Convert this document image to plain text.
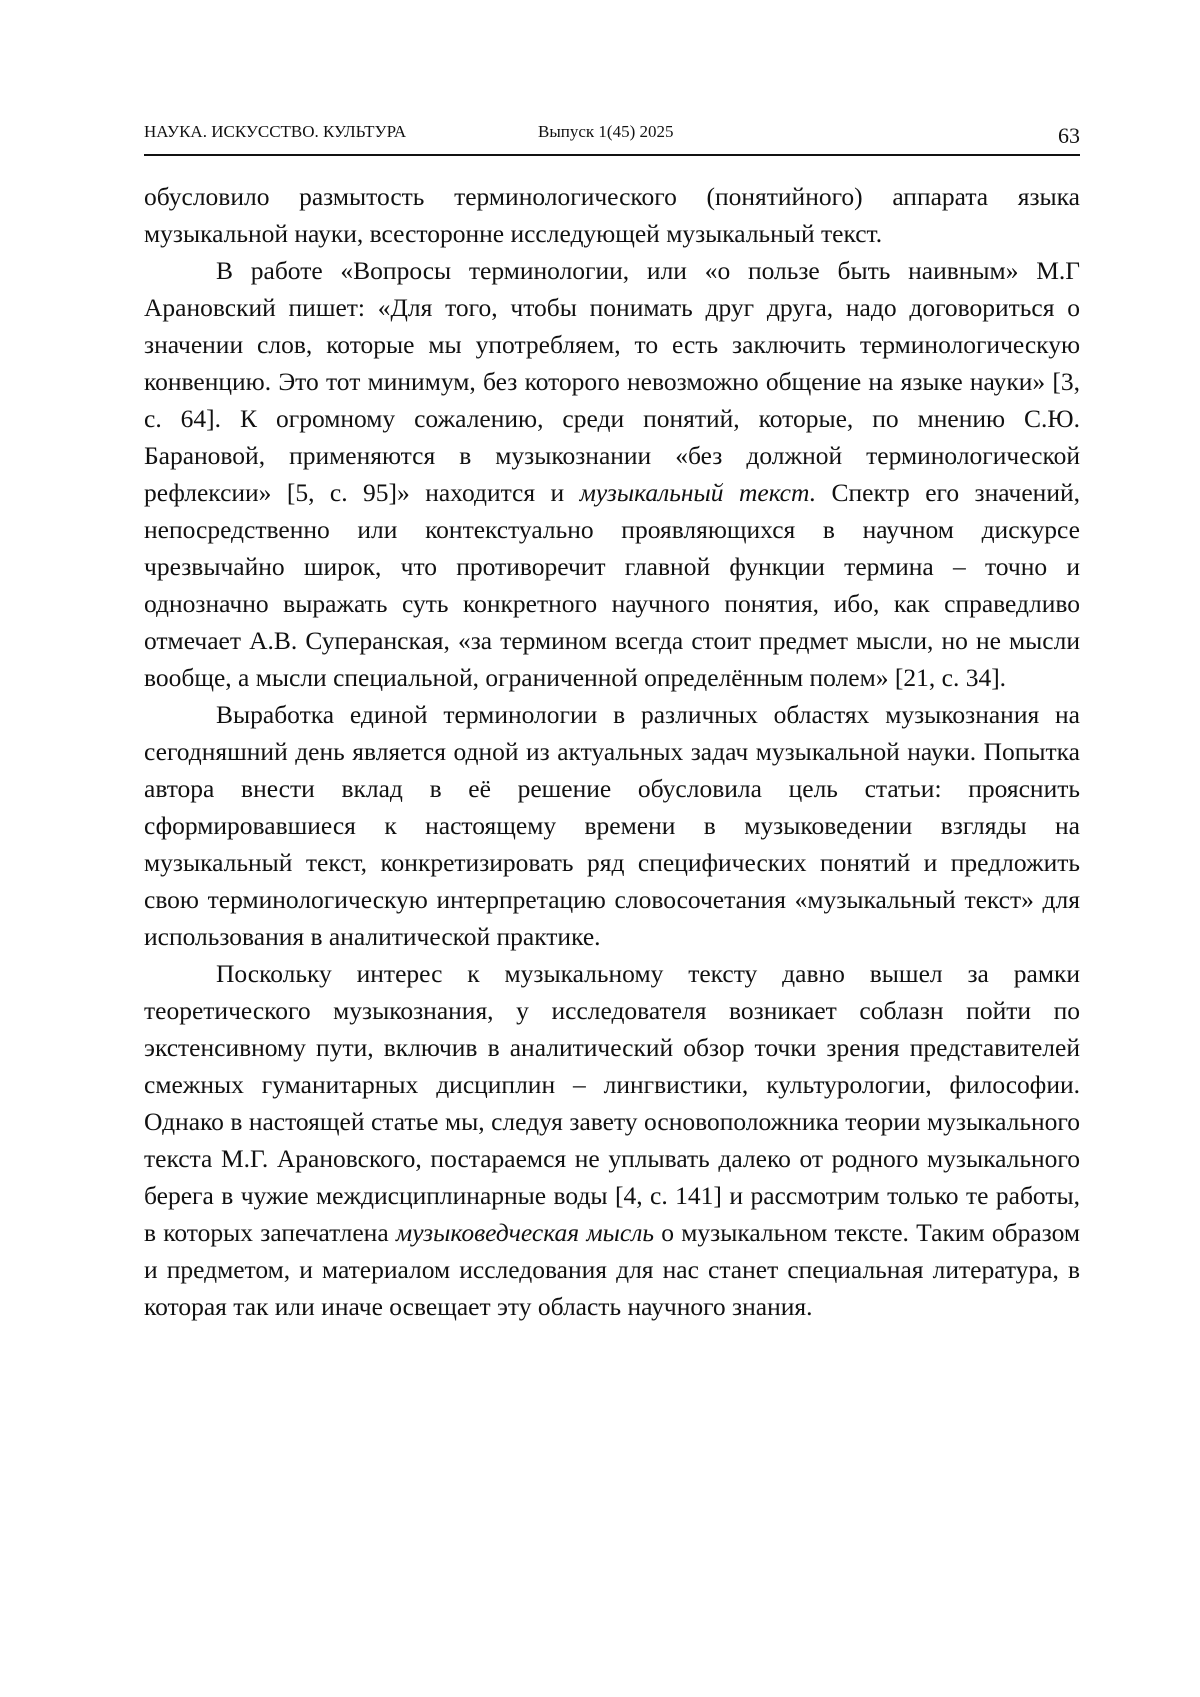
НАУКА. ИСКУССТВО. КУЛЬТУРА	Выпуск 1(45) 2025	63

обусловило размытость терминологического (понятийного) аппарата языка музыкальной науки, всесторонне исследующей музыкальный текст.

В работе «Вопросы терминологии, или «о пользе быть наивным» М.Г Арановский пишет: «Для того, чтобы понимать друг друга, надо договориться о значении слов, которые мы употребляем, то есть заключить терминологическую конвенцию. Это тот минимум, без которого невозможно общение на языке науки» [3, с. 64]. К огромному сожалению, среди понятий, которые, по мнению С.Ю. Барановой, применяются в музыкознании «без должной терминологической рефлексии» [5, с. 95]» находится и музыкальный текст. Спектр его значений, непосредственно или контекстуально проявляющихся в научном дискурсе чрезвычайно широк, что противоречит главной функции термина – точно и однозначно выражать суть конкретного научного понятия, ибо, как справедливо отмечает А.В. Суперанская, «за термином всегда стоит предмет мысли, но не мысли вообще, а мысли специальной, ограниченной определённым полем» [21, с. 34].

Выработка единой терминологии в различных областях музыкознания на сегодняшний день является одной из актуальных задач музыкальной науки. Попытка автора внести вклад в её решение обусловила цель статьи: прояснить сформировавшиеся к настоящему времени в музыковедении взгляды на музыкальный текст, конкретизировать ряд специфических понятий и предложить свою терминологическую интерпретацию словосочетания «музыкальный текст» для использования в аналитической практике.

Поскольку интерес к музыкальному тексту давно вышел за рамки теоретического музыкознания, у исследователя возникает соблазн пойти по экстенсивному пути, включив в аналитический обзор точки зрения представителей смежных гуманитарных дисциплин – лингвистики, культурологии, философии. Однако в настоящей статье мы, следуя завету основоположника теории музыкального текста М.Г. Арановского, постараемся не уплывать далеко от родного музыкального берега в чужие междисциплинарные воды [4, с. 141] и рассмотрим только те работы, в которых запечатлена музыковедческая мысль о музыкальном тексте. Таким образом и предметом, и материалом исследования для нас станет специальная литература, в которая так или иначе освещает эту область научного знания.
